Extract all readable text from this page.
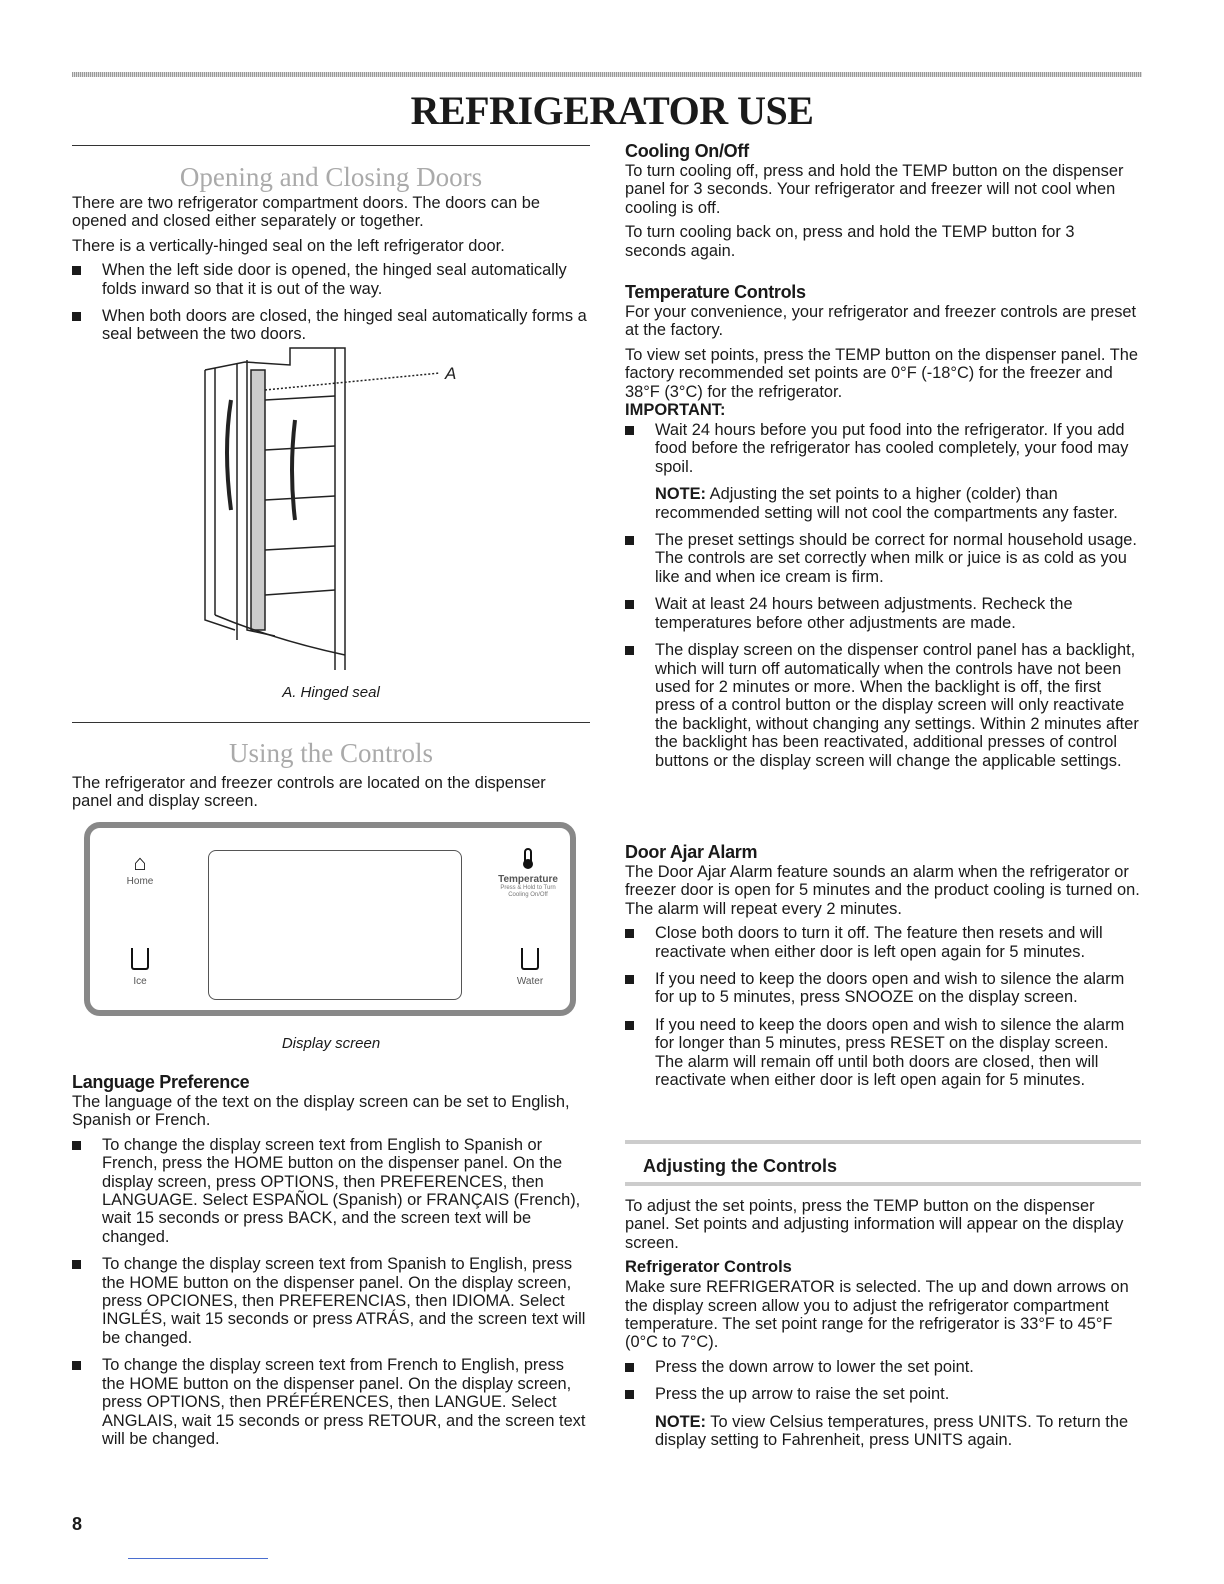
REFRIGERATOR USE
Opening and Closing Doors

There are two refrigerator compartment doors. The doors can be opened and closed either separately or together.

There is a vertically-hinged seal on the left refrigerator door.

When the left side door is opened, the hinged seal automatically folds inward so that it is out of the way.
When both doors are closed, the hinged seal automatically forms a seal between the two doors.
A
A. Hinged seal
Using the Controls

The refrigerator and freezer controls are located on the dispenser panel and display screen.

⌂
Home	Temperature
Press & Hold to Turn Cooling On/Off
Ice	Water
Display screen
Language Preference

The language of the text on the display screen can be set to English, Spanish or French.

To change the display screen text from English to Spanish or French, press the HOME button on the dispenser panel. On the display screen, press OPTIONS, then PREFERENCES, then LANGUAGE. Select ESPAÑOL (Spanish) or FRANÇAIS (French), wait 15 seconds or press BACK, and the screen text will be changed.
To change the display screen text from Spanish to English, press the HOME button on the dispenser panel. On the display screen, press OPCIONES, then PREFERENCIAS, then IDIOMA. Select INGLÉS, wait 15 seconds or press ATRÁS, and the screen text will be changed.
To change the display screen text from French to English, press the HOME button on the dispenser panel. On the display screen, press OPTIONS, then PRÉFÉRENCES, then LANGUE. Select ANGLAIS, wait 15 seconds or press RETOUR, and the screen text will be changed.
Cooling On/Off

To turn cooling off, press and hold the TEMP button on the dispenser panel for 3 seconds. Your refrigerator and freezer will not cool when cooling is off.

To turn cooling back on, press and hold the TEMP button for 3 seconds again.

Temperature Controls

For your convenience, your refrigerator and freezer controls are preset at the factory.

To view set points, press the TEMP button on the dispenser panel. The factory recommended set points are 0°F (-18°C) for the freezer and 38°F (3°C) for the refrigerator.

IMPORTANT:
Wait 24 hours before you put food into the refrigerator. If you add food before the refrigerator has cooled completely, your food may spoil.
NOTE: Adjusting the set points to a higher (colder) than recommended setting will not cool the compartments any faster.
The preset settings should be correct for normal household usage. The controls are set correctly when milk or juice is as cold as you like and when ice cream is firm.
Wait at least 24 hours between adjustments. Recheck the temperatures before other adjustments are made.
The display screen on the dispenser control panel has a backlight, which will turn off automatically when the controls have not been used for 2 minutes or more. When the backlight is off, the first press of a control button or the display screen will only reactivate the backlight, without changing any settings. Within 2 minutes after the backlight has been reactivated, additional presses of control buttons or the display screen will change the applicable settings.
Door Ajar Alarm

The Door Ajar Alarm feature sounds an alarm when the refrigerator or freezer door is open for 5 minutes and the product cooling is turned on. The alarm will repeat every 2 minutes.

Close both doors to turn it off. The feature then resets and will reactivate when either door is left open again for 5 minutes.
If you need to keep the doors open and wish to silence the alarm for up to 5 minutes, press SNOOZE on the display screen.
If you need to keep the doors open and wish to silence the alarm for longer than 5 minutes, press RESET on the display screen. The alarm will remain off until both doors are closed, then will reactivate when either door is left open again for 5 minutes.
Adjusting the Controls

To adjust the set points, press the TEMP button on the dispenser panel. Set points and adjusting information will appear on the display screen.

Refrigerator Controls

Make sure REFRIGERATOR is selected. The up and down arrows on the display screen allow you to adjust the refrigerator compartment temperature. The set point range for the refrigerator is 33°F to 45°F (0°C to 7°C).

Press the down arrow to lower the set point.
Press the up arrow to raise the set point.
NOTE: To view Celsius temperatures, press UNITS. To return the display setting to Fahrenheit, press UNITS again.
8
